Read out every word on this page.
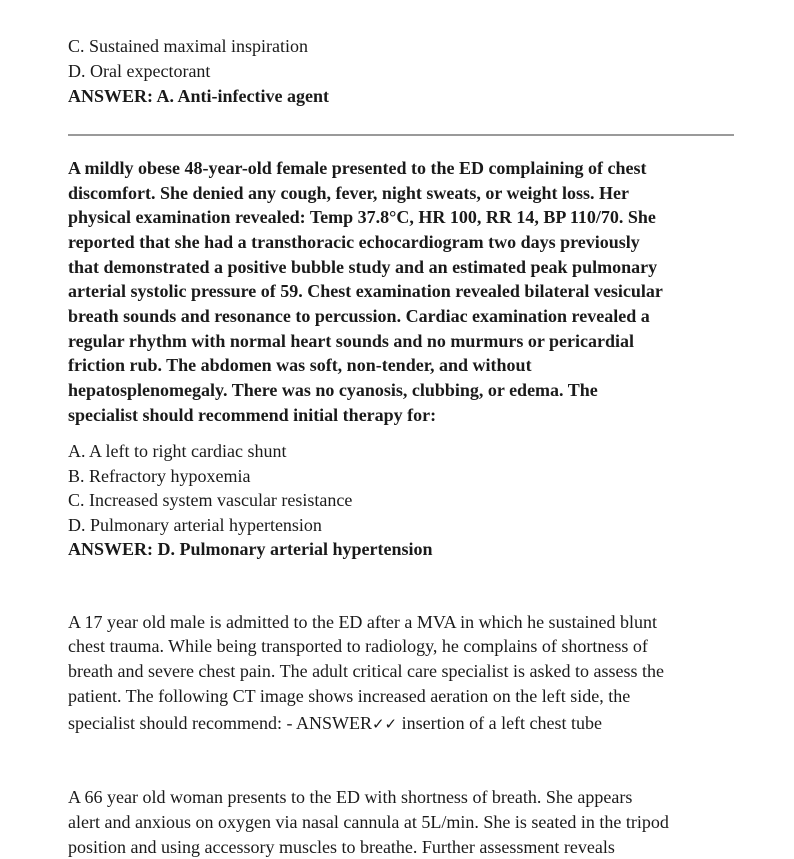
C. Sustained maximal inspiration
D. Oral expectorant
ANSWER: A. Anti-infective agent
A mildly obese 48-year-old female presented to the ED complaining of chest
discomfort. She denied any cough, fever, night sweats, or weight loss. Her
physical examination revealed: Temp 37.8°C, HR 100, RR 14, BP 110/70. She
reported that she had a transthoracic echocardiogram two days previously
that demonstrated a positive bubble study and an estimated peak pulmonary
arterial systolic pressure of 59. Chest examination revealed bilateral vesicular
breath sounds and resonance to percussion. Cardiac examination revealed a
regular rhythm with normal heart sounds and no murmurs or pericardial
friction rub. The abdomen was soft, non-tender, and without
hepatosplenomegaly. There was no cyanosis, clubbing, or edema. The
specialist should recommend initial therapy for:
A. A left to right cardiac shunt
B. Refractory hypoxemia
C. Increased system vascular resistance
D. Pulmonary arterial hypertension
ANSWER: D. Pulmonary arterial hypertension
A 17 year old male is admitted to the ED after a MVA in which he sustained blunt
chest trauma. While being transported to radiology, he complains of shortness of
breath and severe chest pain. The adult critical care specialist is asked to assess the
patient. The following CT image shows increased aeration on the left side, the
specialist should recommend: - ANSWER✓✓ insertion of a left chest tube
A 66 year old woman presents to the ED with shortness of breath. She appears
alert and anxious on oxygen via nasal cannula at 5L/min. She is seated in the tripod
position and using accessory muscles to breathe. Further assessment reveals
